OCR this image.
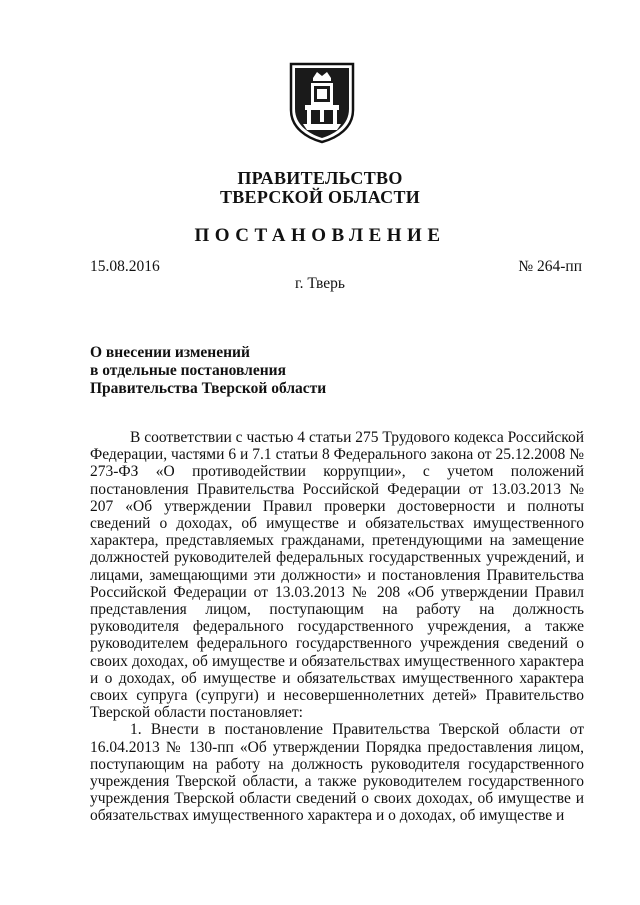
ПРАВИТЕЛЬСТВО
ТВЕРСКОЙ ОБЛАСТИ
ПОСТАНОВЛЕНИЕ
15.08.2016	№ 264-пп
г. Тверь
О внесении изменений
в отдельные постановления
Правительства Тверской области

В соответствии с частью 4 статьи 275 Трудового кодекса Российской Федерации, частями 6 и 7.1 статьи 8 Федерального закона от 25.12.2008 № 273-ФЗ «О противодействии коррупции», с учетом положений постановления Правительства Российской Федерации от 13.03.2013 № 207 «Об утверждении Правил проверки достоверности и полноты сведений о доходах, об имуществе и обязательствах имущественного характера, представляемых гражданами, претендующими на замещение должностей руководителей федеральных государственных учреждений, и лицами, замещающими эти должности» и постановления Правительства Российской Федерации от 13.03.2013 № 208 «Об утверждении Правил представления лицом, поступающим на работу на должность руководителя федерального государственного учреждения, а также руководителем федерального государственного учреждения сведений о своих доходах, об имуществе и обязательствах имущественного характера и о доходах, об имуществе и обязательствах имущественного характера своих супруга (супруги) и несовершеннолетних детей» Правительство Тверской области постановляет:

1. Внести в постановление Правительства Тверской области от 16.04.2013 № 130-пп «Об утверждении Порядка предоставления лицом, поступающим на работу на должность руководителя государственного учреждения Тверской области, а также руководителем государственного учреждения Тверской области сведений о своих доходах, об имуществе и обязательствах имущественного характера и о доходах, об имуществе и
